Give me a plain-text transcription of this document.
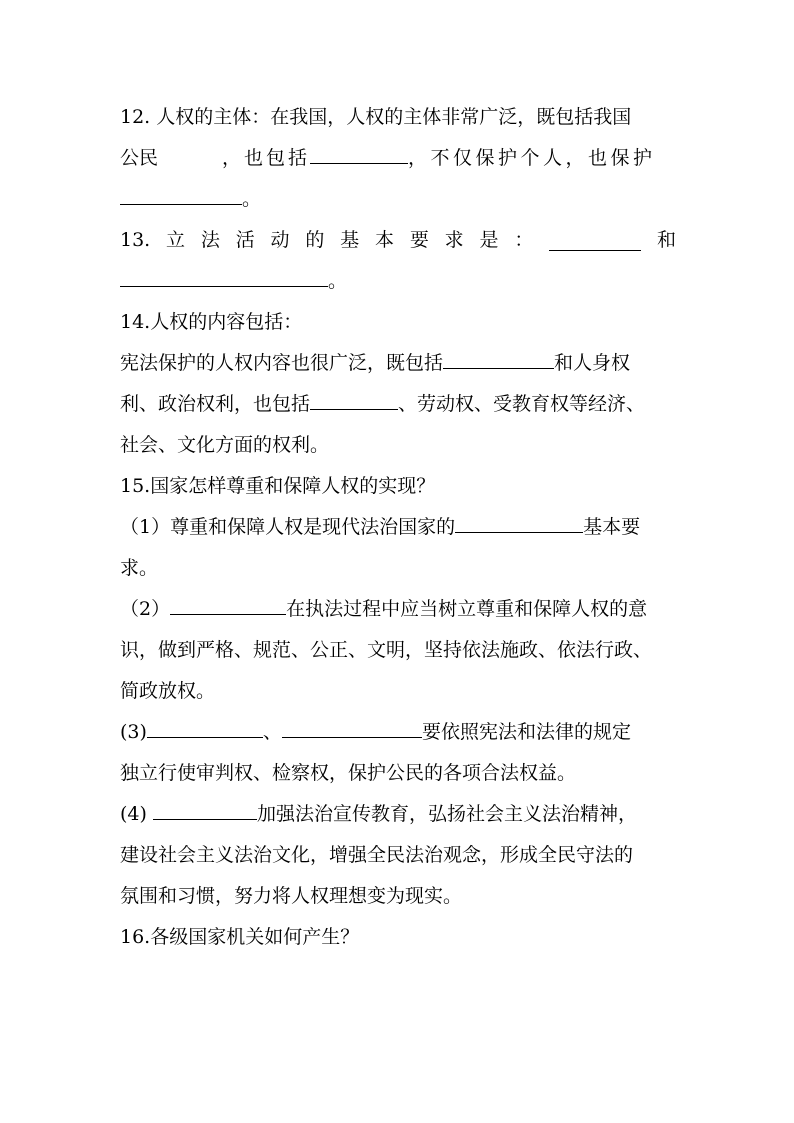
12. 人权的主体：在我国，人权的主体非常广泛，既包括我国
公民	，也包括	，不仅保护个人，也保护
。
13. 立 法 活 动 的 基 本 要 求 是 ：	和
。
14.人权的内容包括：
宪法保护的人权内容也很广泛，既包括	和人身权
利、政治权利，也包括	、劳动权、受教育权等经济、
社会、文化方面的权利。
15.国家怎样尊重和保障人权的实现？
（1）尊重和保障人权是现代法治国家的	基本要
求。
（2）	在执法过程中应当树立尊重和保障人权的意
识，做到严格、规范、公正、文明，坚持依法施政、依法行政、
简政放权。
(3)	、	要依照宪法和法律的规定
独立行使审判权、检察权，保护公民的各项合法权益。
(4)	加强法治宣传教育，弘扬社会主义法治精神，
建设社会主义法治文化，增强全民法治观念，形成全民守法的
氛围和习惯，努力将人权理想变为现实。
16.各级国家机关如何产生？
